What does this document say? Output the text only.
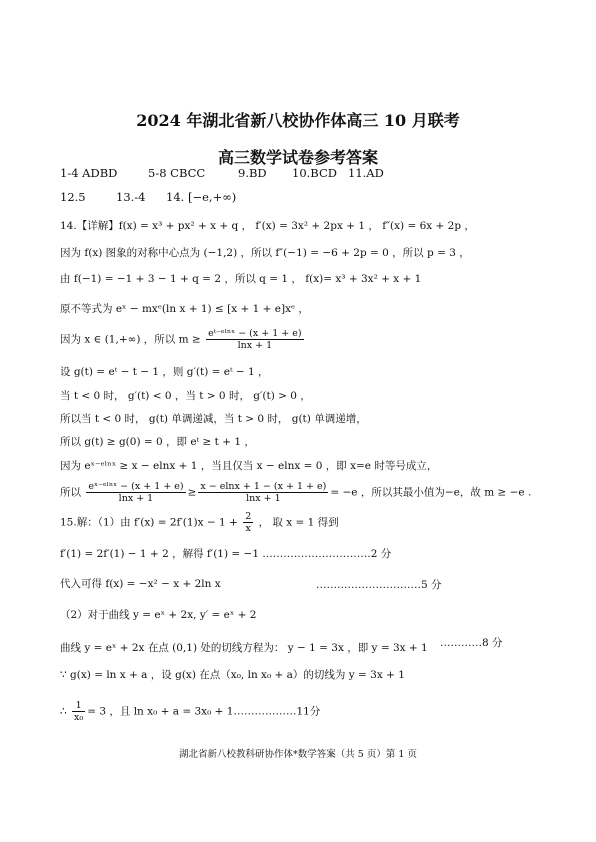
2024 年湖北省新八校协作体高三 10 月联考
高三数学试卷参考答案
1-4 ADBD	5-8 CBCC	9.BD 10.BCD 11.AD
12.5	13.-4 14. [−e,+∞)
14.【详解】f(x) = x³ + px² + x + q ， f′(x) = 3x² + 2px + 1 ， f″(x) = 6x + 2p ，
因为 f(x) 图象的对称中心点为 (−1,2) ，所以 f″(−1) = −6 + 2p = 0 ，所以 p = 3 ，
由 f(−1) = −1 + 3 − 1 + q = 2 ，所以 q = 1 ， f(x)= x³ + 3x² + x + 1
原不等式为 eˣ − mxᵉ(ln x + 1) ≤ [x + 1 + e]xᵉ ，
因为 x ∈ (1,+∞) ，所以 $m \ge \frac{\text{eᵗ⁻ᵉˡⁿˣ − (x + 1 + e)}}{\ln x + 1}$
设 g(t) = eᵗ − t − 1 ，则 g′(t) = eᵗ − 1 ，
当 t < 0 时， g′(t) < 0 ，当 t > 0 时， g′(t) > 0 ，
所以当 t < 0 时， g(t) 单调递减，当 t > 0 时， g(t) 单调递增，
所以 g(t) ≥ g(0) = 0 ，即 eᵗ ≥ t + 1 ，
因为 eˣ⁻ᵉˡⁿˣ ≥ x − elnx + 1 ，当且仅当 x − elnx = 0 ，即 x=e 时等号成立，
所以 $\frac{\text{eˣ⁻ᵉˡⁿˣ − (x + 1 + e)}}{\ln x + 1} \ge \frac{x - elnx + 1 - (x + 1 + e)}{\ln x + 1} = -e$ ，所以其最小值为−e，故 m ≥ −e .
15.解：（1）由 $f'(x) = 2f'(1)x - 1 + \frac{2}{x}$ ， 取 x = 1 得到
f′(1) = 2f′(1) − 1 + 2 ，解得 f′(1) = −1 .…………………………2 分
代入可得 f(x) = −x² − x + 2ln x	…………………………5 分
（2）对于曲线 y = eˣ + 2x, y′ = eˣ + 2
曲线 y = eˣ + 2x 在点 (0,1) 处的切线方程为： y − 1 = 3x ，即 y = 3x + 1 …………8 分
∵ g(x) = ln x + a ，设 g(x) 在点（x₀, ln x₀ + a）的切线为 y = 3x + 1
∴ $\frac{1}{\text{x₀}} = 3$ ，且 ln x₀ + a = 3x₀ + 1………………11分
湖北省新八校教科研协作体*数学答案（共 5 页）第 1 页
